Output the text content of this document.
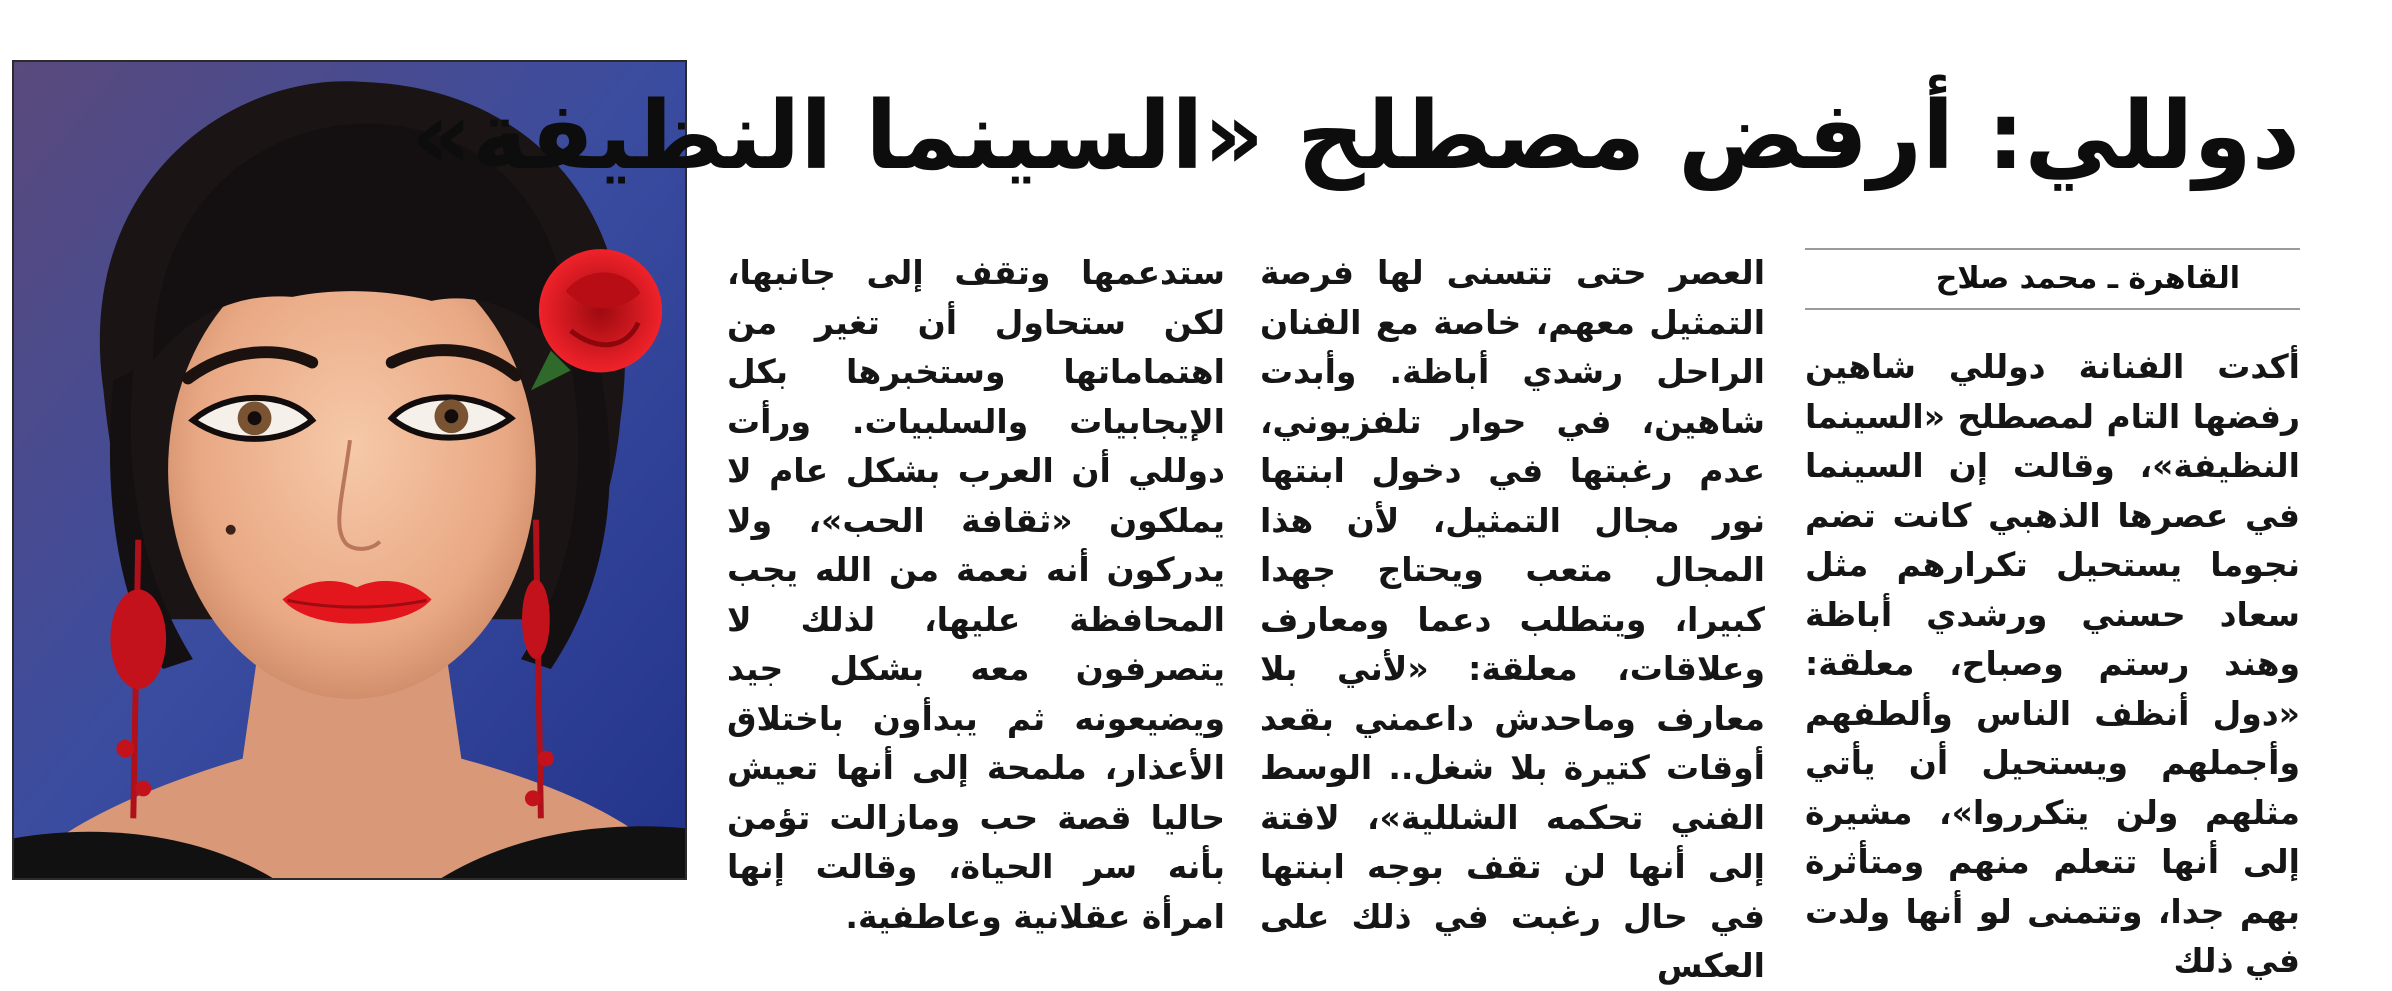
دوللي: أرفض مصطلح «السينما النظيفة»
القاهرة ـ محمد صلاح

أكدت الفنانة دوللي شاهين رفضها التام لمصطلح «السينما النظيفة»، وقالت إن السينما في عصرها الذهبي كانت تضم نجوما يستحيل تكرارهم مثل سعاد حسني ورشدي أباظة وهند رستم وصباح، معلقة: «دول أنظف الناس وألطفهم وأجملهم ويستحيل أن يأتي مثلهم ولن يتكرروا»، مشيرة إلى أنها تتعلم منهم ومتأثرة بهم جدا، وتتمنى لو أنها ولدت في ذلك

العصر حتى تتسنى لها فرصة التمثيل معهم، خاصة مع الفنان الراحل رشدي أباظة. وأبدت شاهين، في حوار تلفزيوني، عدم رغبتها في دخول ابنتها نور مجال التمثيل، لأن هذا المجال متعب ويحتاج جهدا كبيرا، ويتطلب دعما ومعارف وعلاقات، معلقة: «لأني بلا معارف وماحدش داعمني بقعد أوقات كتيرة بلا شغل.. الوسط الفني تحكمه الشللية»، لافتة إلى أنها لن تقف بوجه ابنتها في حال رغبت في ذلك على العكس

ستدعمها وتقف إلى جانبها، لكن ستحاول أن تغير من اهتماماتها وستخبرها بكل الإيجابيات والسلبيات. ورأت دوللي أن العرب بشكل عام لا يملكون «ثقافة الحب»، ولا يدركون أنه نعمة من الله يجب المحافظة عليها، لذلك لا يتصرفون معه بشكل جيد ويضيعونه ثم يبدأون باختلاق الأعذار، ملمحة إلى أنها تعيش حاليا قصة حب ومازالت تؤمن بأنه سر الحياة، وقالت إنها امرأة عقلانية وعاطفية.
